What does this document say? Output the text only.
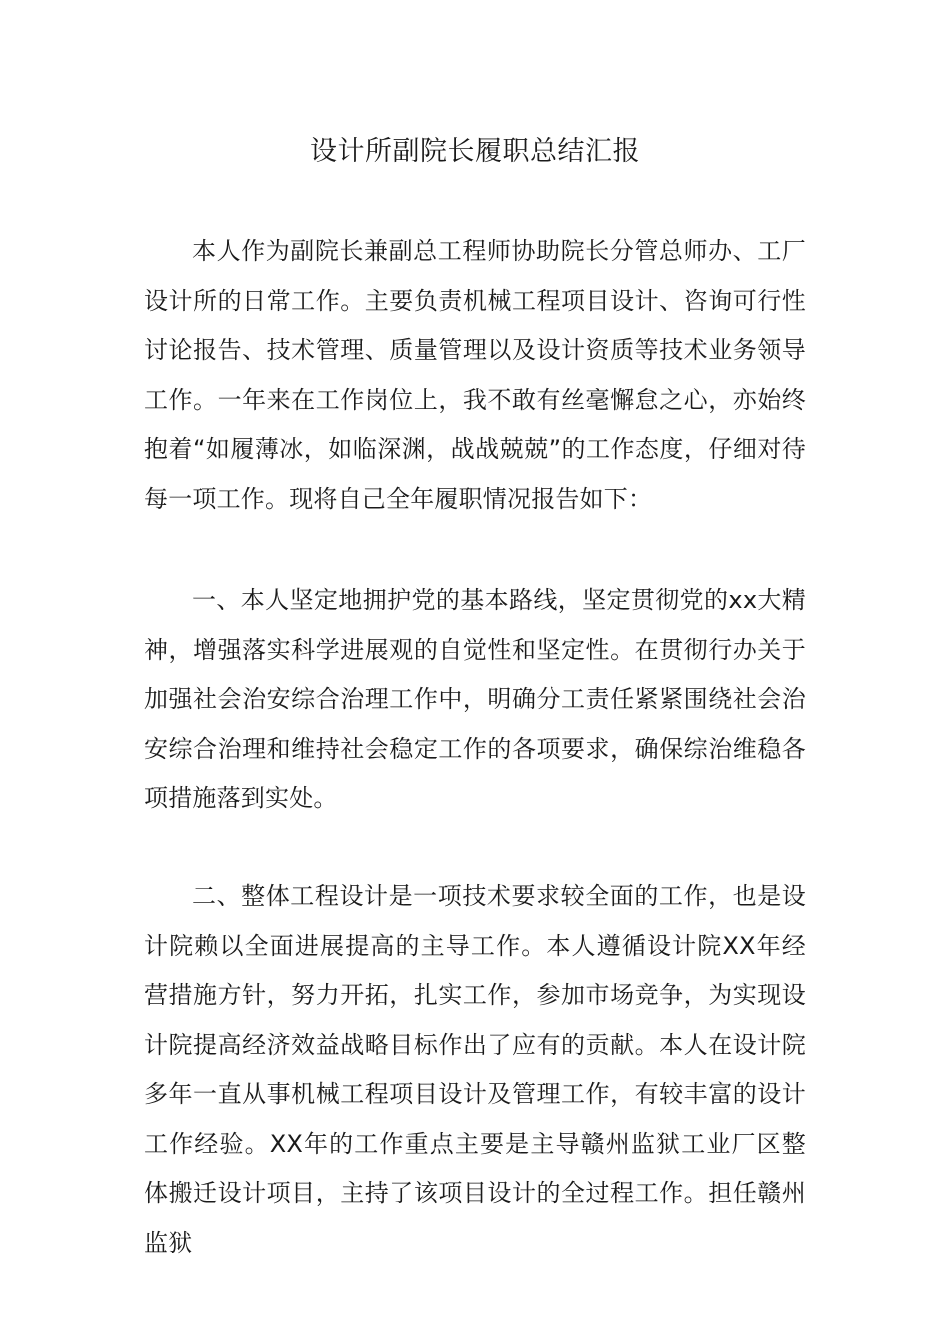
设计所副院长履职总结汇报

本人作为副院长兼副总工程师协助院长分管总师办、工厂设计所的日常工作。主要负责机械工程项目设计、咨询可行性讨论报告、技术管理、质量管理以及设计资质等技术业务领导工作。一年来在工作岗位上，我不敢有丝毫懈怠之心，亦始终抱着“如履薄冰，如临深渊，战战兢兢”的工作态度，仔细对待每一项工作。现将自己全年履职情况报告如下：

一、本人坚定地拥护党的基本路线，坚定贯彻党的xx大精神，增强落实科学进展观的自觉性和坚定性。在贯彻行办关于加强社会治安综合治理工作中，明确分工责任紧紧围绕社会治安综合治理和维持社会稳定工作的各项要求，确保综治维稳各项措施落到实处。

二、整体工程设计是一项技术要求较全面的工作，也是设计院赖以全面进展提高的主导工作。本人遵循设计院XX年经营措施方针，努力开拓，扎实工作，参加市场竞争，为实现设计院提高经济效益战略目标作出了应有的贡献。本人在设计院多年一直从事机械工程项目设计及管理工作，有较丰富的设计工作经验。XX年的工作重点主要是主导赣州监狱工业厂区整体搬迁设计项目，主持了该项目设计的全过程工作。担任赣州监狱
